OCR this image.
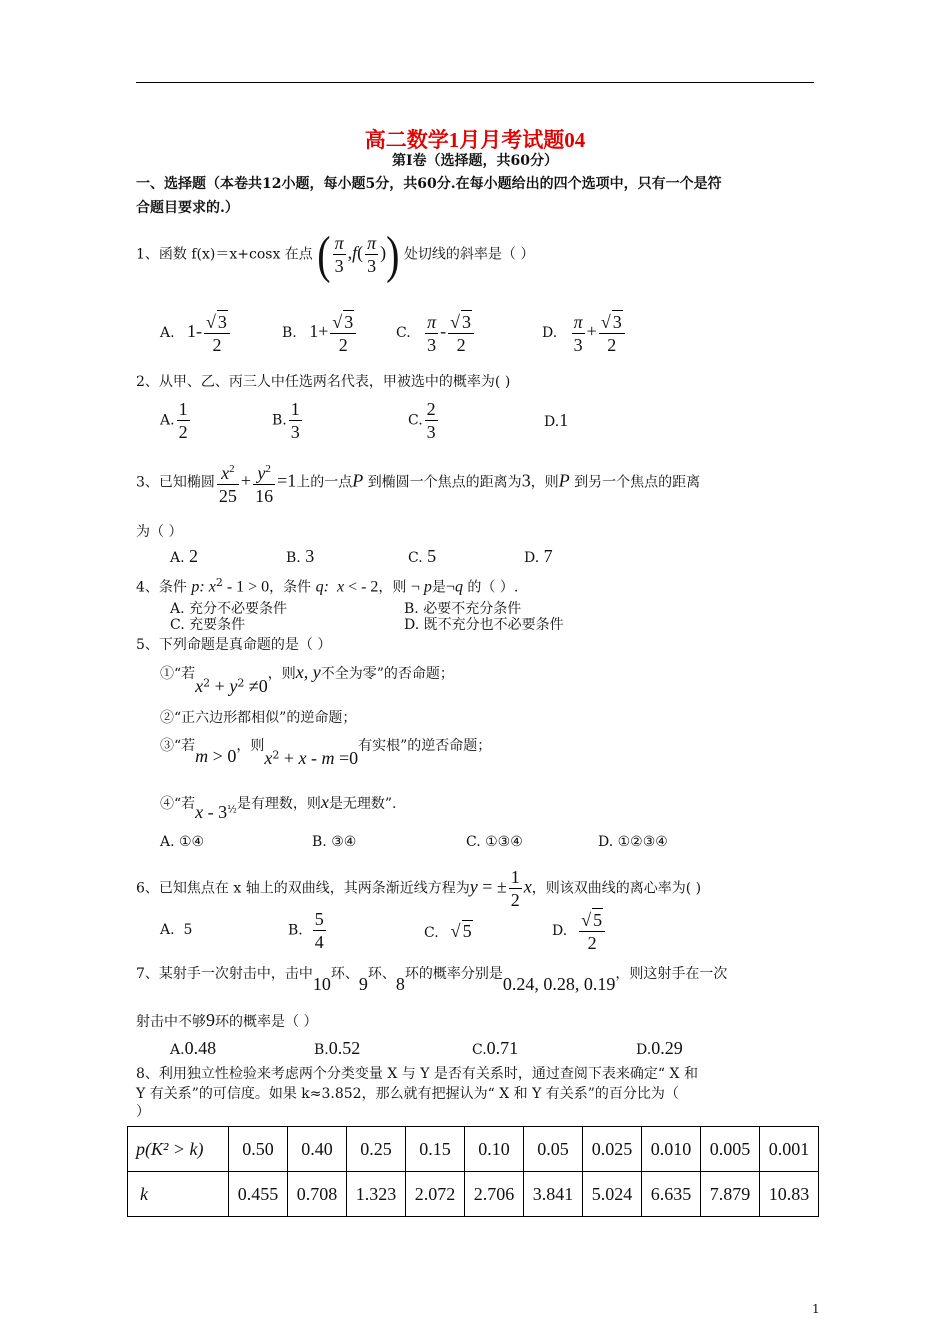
高二数学1月月考试题04
第Ⅰ卷（选择题，共60分）
一、选择题（本卷共12小题，每小题5分，共60分.在每小题给出的四个选项中，只有一个是符
合题目要求的.）
1、函数 f(x)＝x+cosx 在点 ( $\frac{\pi}{3} ,f( \frac{\pi}{3}$ )) 处切线的斜率是（ ）
A. $1- \frac{√ 3}{2}$	B. $1+ \frac{√ 3}{2}$	C. $\frac{\pi}{3} - \frac{√ 3}{2}$	D. $\frac{\pi}{3} + \frac{√ 3}{2}$
2、从甲、乙、丙三人中任选两名代表，甲被选中的概率为( )
A. $\frac{1}{2}$	B. $\frac{1}{3}$	C. $\frac{2}{3}$	D.1
3、已知椭圆 $\frac{x^2}{25} + \frac{y^2}{16} =1$上的一点P 到椭圆一个焦点的距离为3，则P 到另一个焦点的距离
为（ ）
A. 2	B. 3	C. 5	D. 7
4、条件 p: $x^2 - 1 > 0$，条件 q:  x < - 2，则 ¬ p是¬q 的（ ）.
A. 充分不必要条件	B. 必要不充分条件
C. 充要条件	D. 既不充分也不必要条件
5、下列命题是真命题的是（ ）
①“若$x^2 + y^2 \ne 0$，则x, y不全为零”的否命题；
②“正六边形都相似”的逆命题；
③“若m > 0，则$x^2 + x - m =0$有实根”的逆否命题；
④“若x - $3^{\frac{1}{2}}$是有理数，则x是无理数”.
A. ①④	B. ③④	C. ①③④	D. ①②③④
6、已知焦点在 x 轴上的双曲线，其两条渐近线方程为y = ± $\frac{1}{2}$ x，则该双曲线的离心率为( )
A. 5	B. $\frac{5}{4}$	C. √ 5	D. $\frac{√ 5}{2}$
7、某射手一次射击中，击中10环、9环、8环的概率分别是0.24, 0.28, 0.19，则这射手在一次
射击中不够9环的概率是（ ）
A.0.48	B.0.52	C.0.71	D.0.29
8、利用独立性检验来考虑两个分类变量 X 与 Y 是否有关系时，通过查阅下表来确定“ X 和
Y 有关系”的可信度。如果 k≈3.852，那么就有把握认为“ X 和 Y 有关系”的百分比为（
）
p(K² > k)	0.50	0.40	0.25	0.15	0.10	0.05	0.025	0.010	0.005	0.001
k	0.455	0.708	1.323	2.072	2.706	3.841	5.024	6.635	7.879	10.83
1
